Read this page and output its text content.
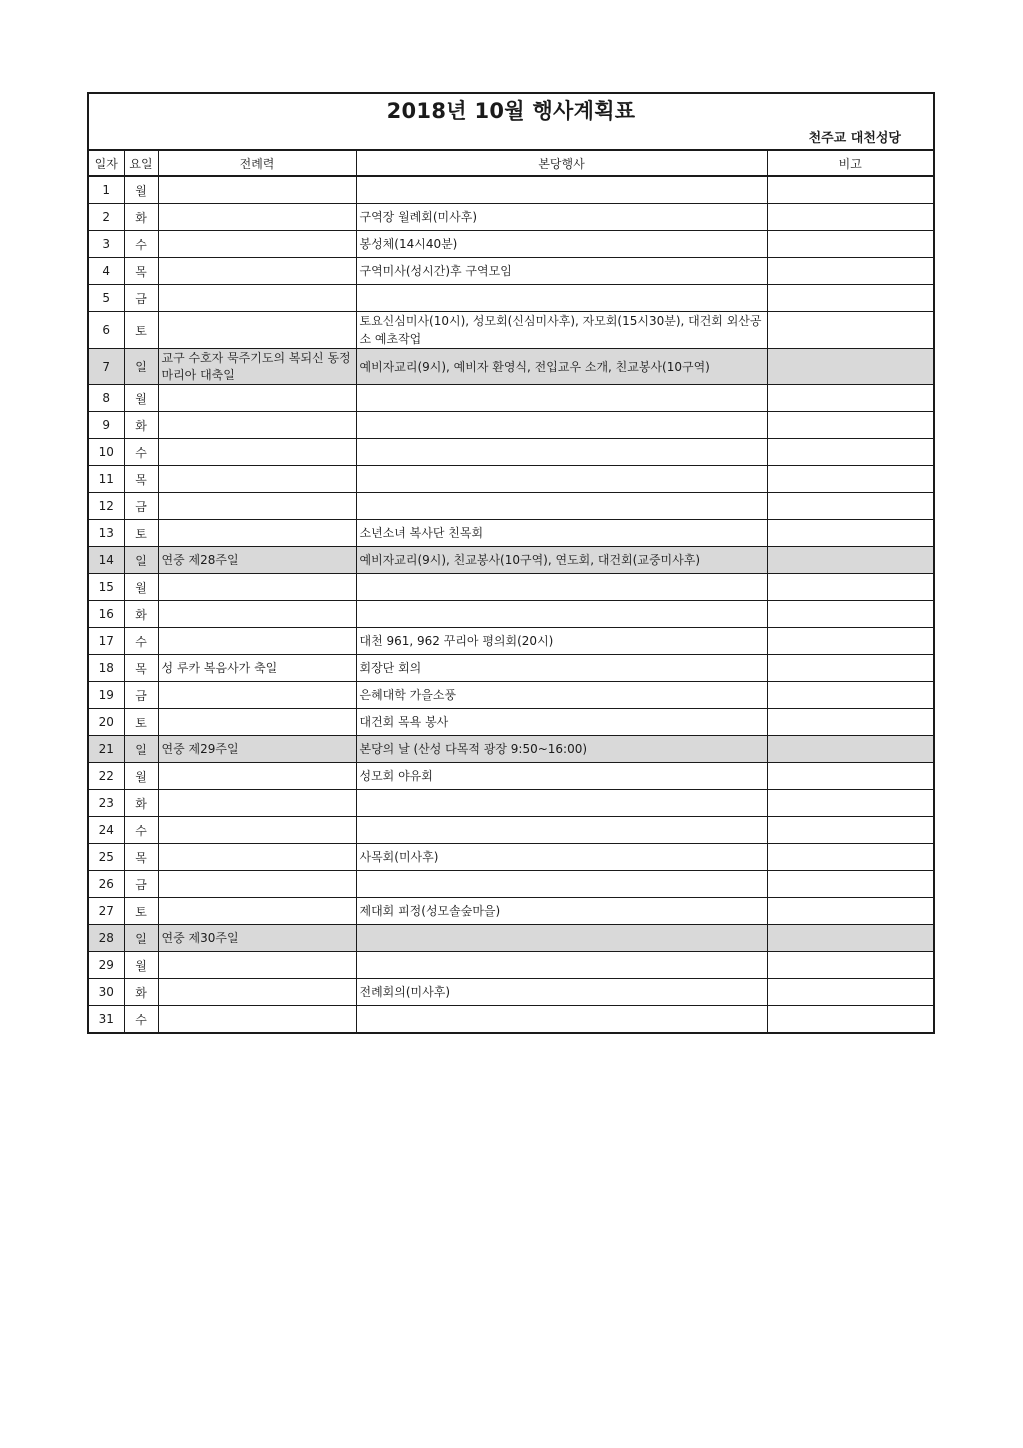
2018년 10월 행사계획표
천주교 대천성당
일자	요일	전례력	본당행사	비고
1	월			
2	화		구역장 월례회(미사후)	
3	수		봉성체(14시40분)	
4	목		구역미사(성시간)후 구역모임	
5	금			
6	토		토요신심미사(10시), 성모회(신심미사후), 자모회(15시30분), 대건회 외산공소 예초작업	
7	일	교구 수호자 묵주기도의 복되신 동정 마리아 대축일	예비자교리(9시), 예비자 환영식, 전입교우 소개, 친교봉사(10구역)	
8	월			
9	화			
10	수			
11	목			
12	금			
13	토		소년소녀 복사단 친목회	
14	일	연중 제28주일	예비자교리(9시), 친교봉사(10구역), 연도회, 대건회(교중미사후)	
15	월			
16	화			
17	수		대천 961, 962 꾸리아 평의회(20시)	
18	목	성 루카 복음사가 축일	회장단 회의	
19	금		은혜대학 가을소풍	
20	토		대건회 목욕 봉사	
21	일	연중 제29주일	본당의 날 (산성 다목적 광장 9:50~16:00)	
22	월		성모회 야유회	
23	화			
24	수			
25	목		사목회(미사후)	
26	금			
27	토		제대회 피정(성모솔숲마을)	
28	일	연중 제30주일		
29	월			
30	화		전례회의(미사후)	
31	수			
